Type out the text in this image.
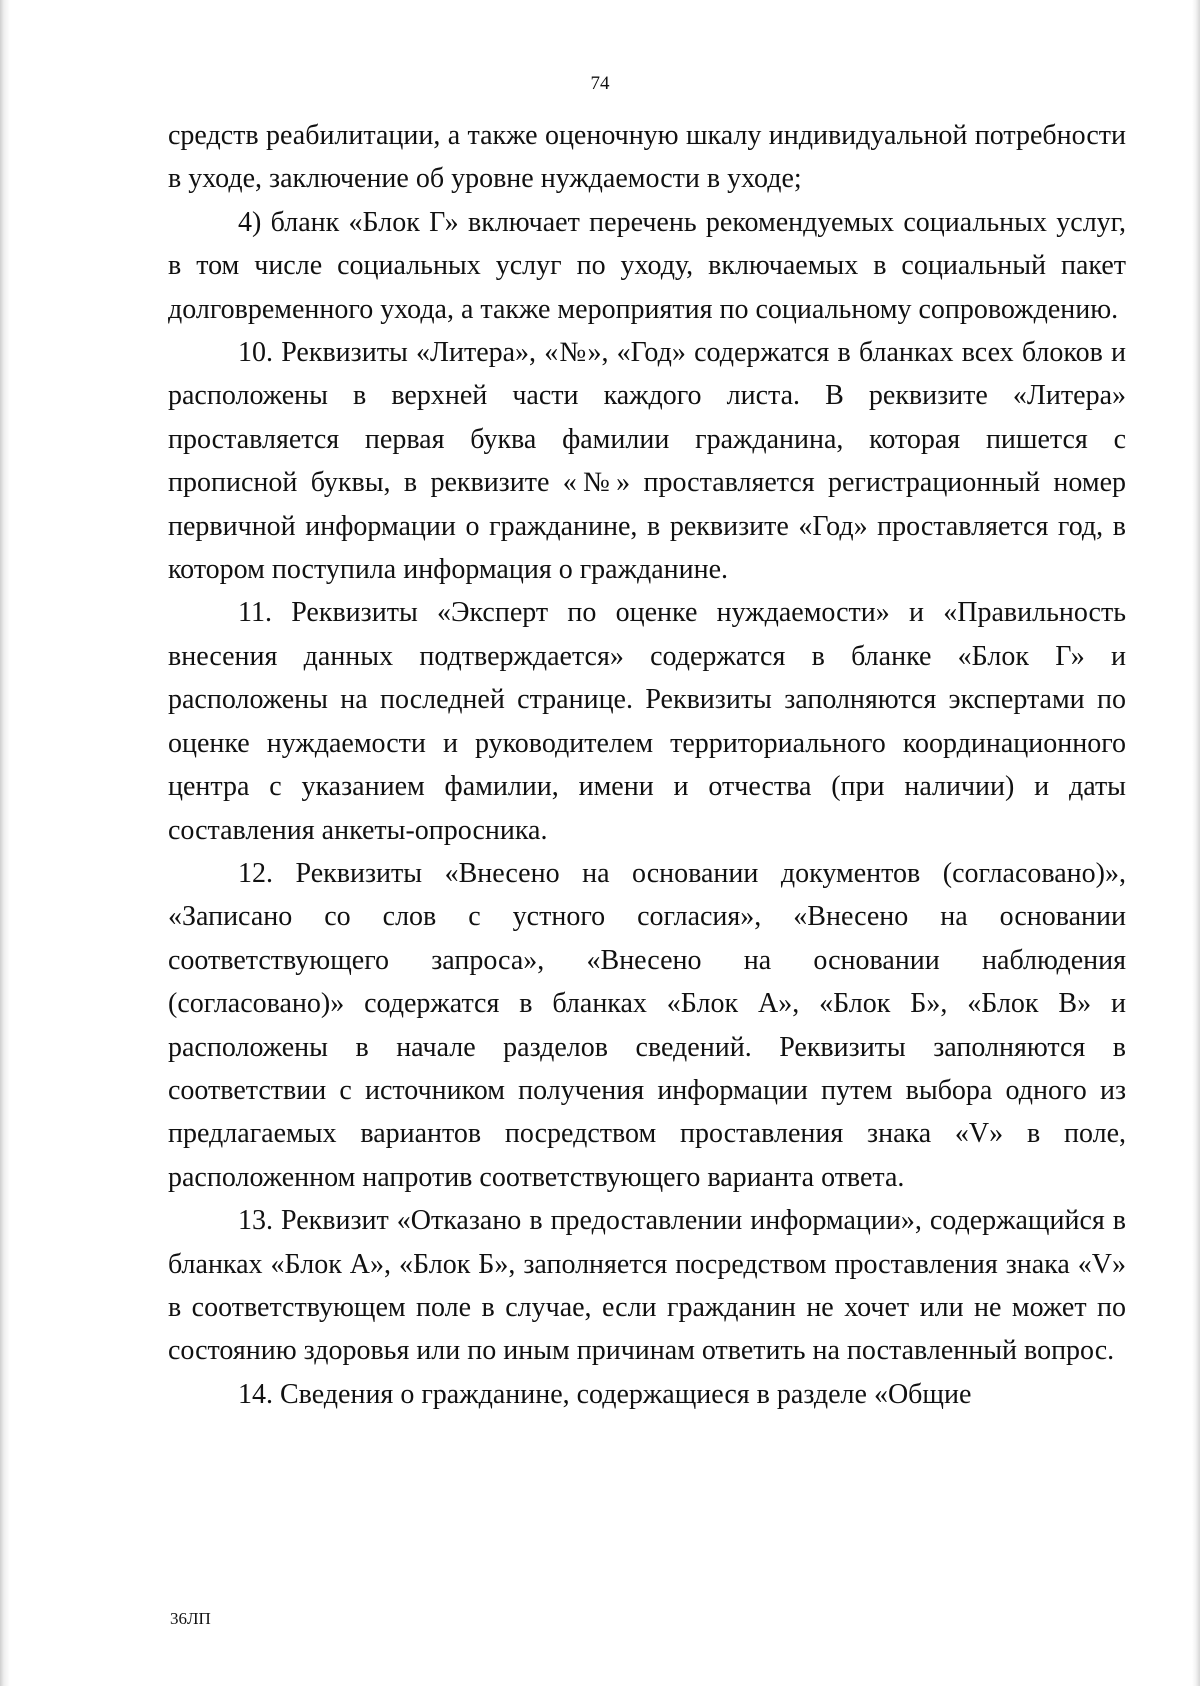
74

средств реабилитации, а также оценочную шкалу индивидуальной потребности в уходе, заключение об уровне нуждаемости в уходе;

4) бланк «Блок Г» включает перечень рекомендуемых социальных услуг, в том числе социальных услуг по уходу, включаемых в социальный пакет долговременного ухода, а также мероприятия по социальному сопровождению.

10. Реквизиты «Литера», «№», «Год» содержатся в бланках всех блоков и расположены в верхней части каждого листа. В реквизите «Литера» проставляется первая буква фамилии гражданина, которая пишется с прописной буквы, в реквизите «№» проставляется регистрационный номер первичной информации о гражданине, в реквизите «Год» проставляется год, в котором поступила информация о гражданине.

11. Реквизиты «Эксперт по оценке нуждаемости» и «Правильность внесения данных подтверждается» содержатся в бланке «Блок Г» и расположены на последней странице. Реквизиты заполняются экспертами по оценке нуждаемости и руководителем территориального координационного центра с указанием фамилии, имени и отчества (при наличии) и даты составления анкеты-опросника.

12. Реквизиты «Внесено на основании документов (согласовано)», «Записано со слов с устного согласия», «Внесено на основании соответствующего запроса», «Внесено на основании наблюдения (согласовано)» содержатся в бланках «Блок А», «Блок Б», «Блок В» и расположены в начале разделов сведений. Реквизиты заполняются в соответствии с источником получения информации путем выбора одного из предлагаемых вариантов посредством проставления знака «V» в поле, расположенном напротив соответствующего варианта ответа.

13. Реквизит «Отказано в предоставлении информации», содержащийся в бланках «Блок А», «Блок Б», заполняется посредством проставления знака «V» в соответствующем поле в случае, если гражданин не хочет или не может по состоянию здоровья или по иным причинам ответить на поставленный вопрос.

14. Сведения о гражданине, содержащиеся в разделе «Общие

36ЛП
